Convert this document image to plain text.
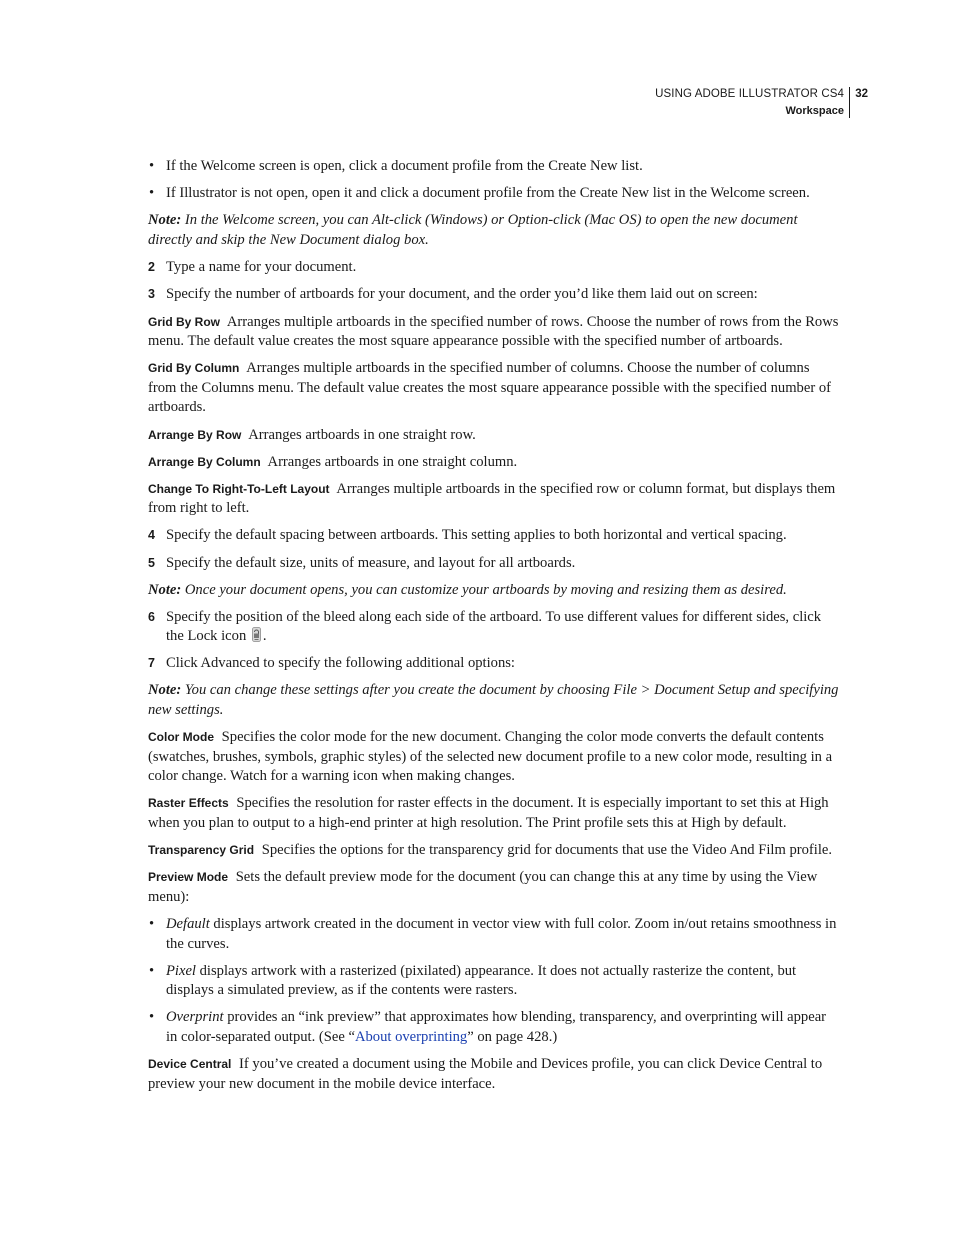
USING ADOBE ILLUSTRATOR CS4
Workspace
32
• If the Welcome screen is open, click a document profile from the Create New list.
• If Illustrator is not open, open it and click a document profile from the Create New list in the Welcome screen.
Note: In the Welcome screen, you can Alt-click (Windows) or Option-click (Mac OS) to open the new document directly and skip the New Document dialog box.
2 Type a name for your document.
3 Specify the number of artboards for your document, and the order you’d like them laid out on screen:
Grid By Row Arranges multiple artboards in the specified number of rows. Choose the number of rows from the Rows menu. The default value creates the most square appearance possible with the specified number of artboards.
Grid By Column Arranges multiple artboards in the specified number of columns. Choose the number of columns from the Columns menu. The default value creates the most square appearance possible with the specified number of artboards.
Arrange By Row Arranges artboards in one straight row.
Arrange By Column Arranges artboards in one straight column.
Change To Right-To-Left Layout Arranges multiple artboards in the specified row or column format, but displays them from right to left.
4 Specify the default spacing between artboards. This setting applies to both horizontal and vertical spacing.
5 Specify the default size, units of measure, and layout for all artboards.
Note: Once your document opens, you can customize your artboards by moving and resizing them as desired.
6 Specify the position of the bleed along each side of the artboard. To use different values for different sides, click the Lock icon .
7 Click Advanced to specify the following additional options:
Note: You can change these settings after you create the document by choosing File > Document Setup and specifying new settings.
Color Mode Specifies the color mode for the new document. Changing the color mode converts the default contents (swatches, brushes, symbols, graphic styles) of the selected new document profile to a new color mode, resulting in a color change. Watch for a warning icon when making changes.
Raster Effects Specifies the resolution for raster effects in the document. It is especially important to set this at High when you plan to output to a high-end printer at high resolution. The Print profile sets this at High by default.
Transparency Grid Specifies the options for the transparency grid for documents that use the Video And Film profile.
Preview Mode Sets the default preview mode for the document (you can change this at any time by using the View menu):
• Default displays artwork created in the document in vector view with full color. Zoom in/out retains smoothness in the curves.
• Pixel displays artwork with a rasterized (pixilated) appearance. It does not actually rasterize the content, but displays a simulated preview, as if the contents were rasters.
• Overprint provides an “ink preview” that approximates how blending, transparency, and overprinting will appear in color-separated output. (See “About overprinting” on page 428.)
Device Central If you’ve created a document using the Mobile and Devices profile, you can click Device Central to preview your new document in the mobile device interface.
